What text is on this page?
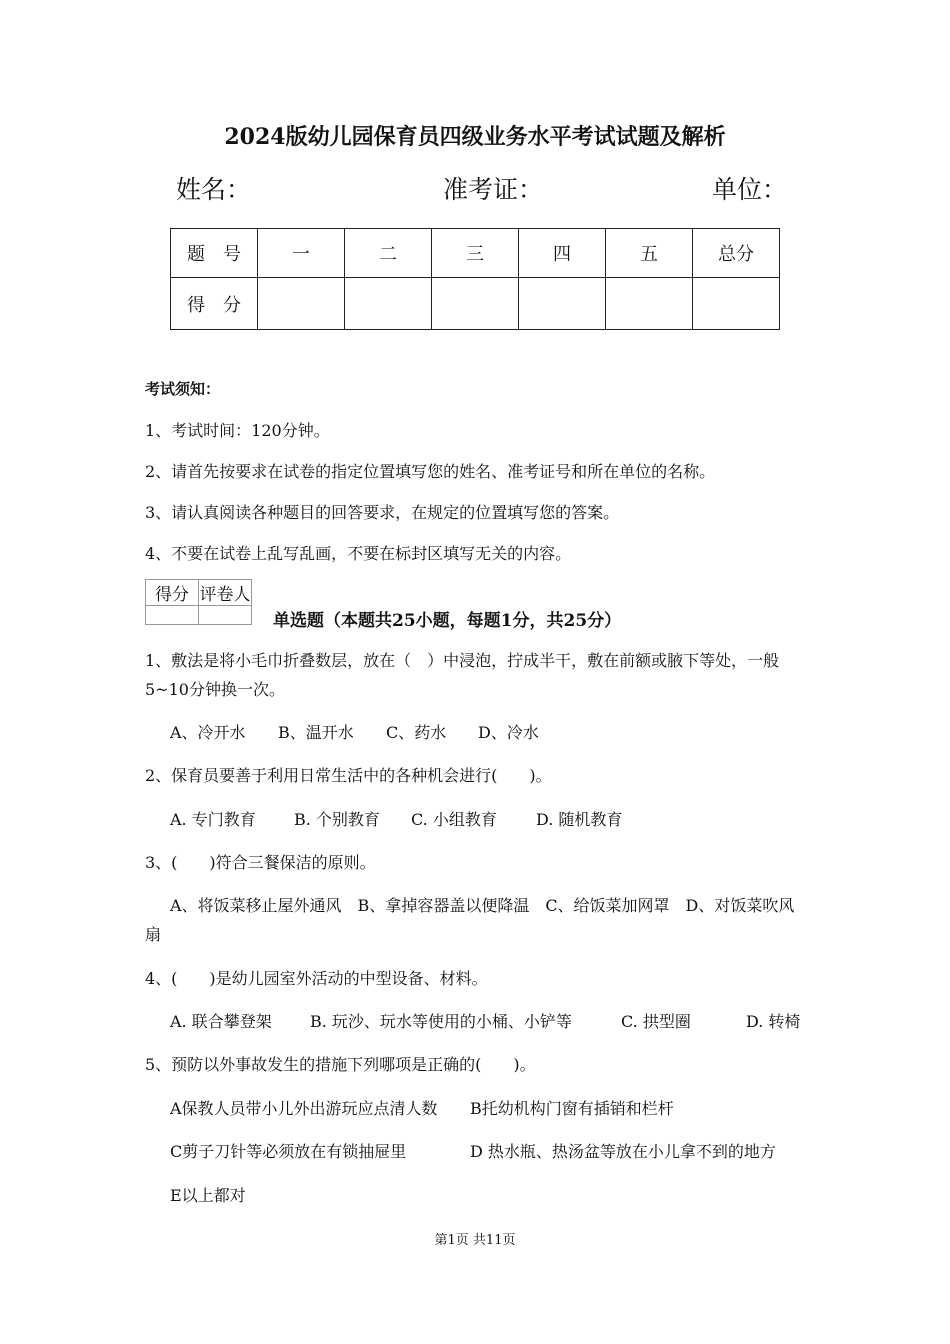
2024版幼儿园保育员四级业务水平考试试题及解析
姓名：	准考证：	单位：
题　号	一	二	三	四	五	总分
得　分						
考试须知：
1、考试时间：120分钟。
2、请首先按要求在试卷的指定位置填写您的姓名、准考证号和所在单位的名称。
3、请认真阅读各种题目的回答要求，在规定的位置填写您的答案。
4、不要在试卷上乱写乱画，不要在标封区填写无关的内容。
得分	评卷人

单选题（本题共25小题，每题1分，共25分）
1、敷法是将小毛巾折叠数层，放在（　）中浸泡，拧成半干，敷在前额或腋下等处，一般
5~10分钟换一次。
A、冷开水 B、温开水 C、药水 D、冷水
2、保育员要善于利用日常生活中的各种机会进行(　　)。
A. 专门教育 B. 个别教育 C. 小组教育 D. 随机教育
3、(　　)符合三餐保洁的原则。
A、将饭菜移止屋外通风　B、拿掉容器盖以便降温　C、给饭菜加网罩　D、对饭菜吹风
扇
4、(　　)是幼儿园室外活动的中型设备、材料。
A. 联合攀登架 B. 玩沙、玩水等使用的小桶、小铲等	C. 拱型圈	D. 转椅
5、预防以外事故发生的措施下列哪项是正确的(　　)。
A保教人员带小儿外出游玩应点清人数 B托幼机构门窗有插销和栏杆
C剪子刀针等必须放在有锁抽屉里	D 热水瓶、热汤盆等放在小儿拿不到的地方
E以上都对
第1页 共11页
